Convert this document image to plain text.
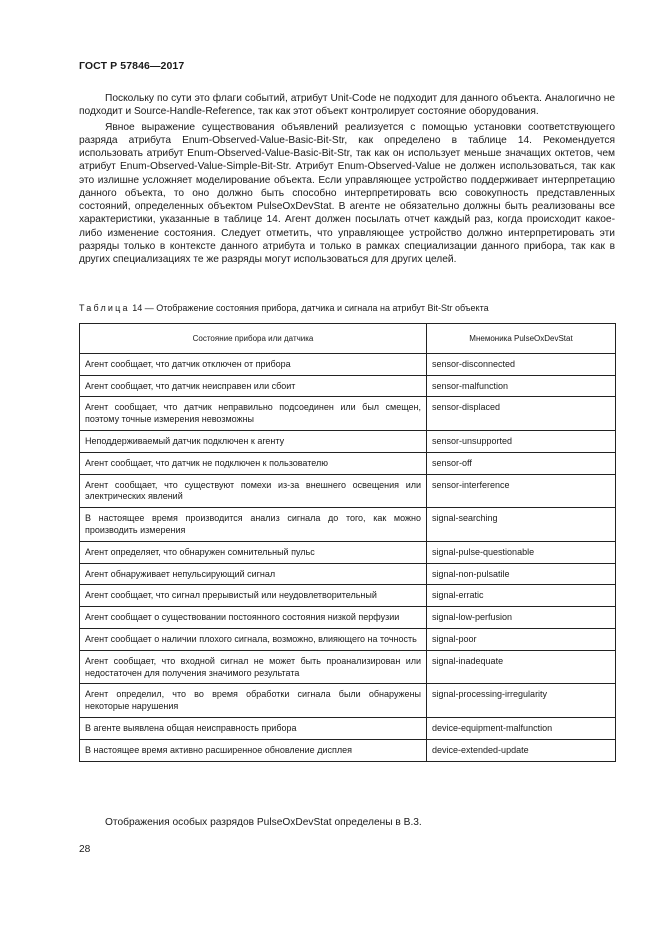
ГОСТ Р 57846—2017

Поскольку по сути это флаги событий, атрибут Unit-Code не подходит для данного объекта. Аналогично не подходит и Source-Handle-Reference, так как этот объект контролирует состояние оборудования.

Явное выражение существования объявлений реализуется с помощью установки соответствующего разряда атрибута Enum-Observed-Value-Basic-Bit-Str, как определено в таблице 14. Рекомендуется использовать атрибут Enum-Observed-Value-Basic-Bit-Str, так как он использует меньше значащих октетов, чем атрибут Enum-Observed-Value-Simple-Bit-Str. Атрибут Enum-Observed-Value не должен использоваться, так как это излишне усложняет моделирование объекта. Если управляющее устройство поддерживает интерпретацию данного объекта, то оно должно быть способно интерпретировать всю совокупность представленных состояний, определенных объектом PulseOxDevStat. В агенте не обязательно должны быть реализованы все характеристики, указанные в таблице 14. Агент должен посылать отчет каждый раз, когда происходит какое-либо изменение состояния. Следует отметить, что управляющее устройство должно интерпретировать эти разряды только в контексте данного атрибута и только в рамках специализации данного прибора, так как в других специализациях те же разряды могут использоваться для других целей.

Таблица 14 — Отображение состояния прибора, датчика и сигнала на атрибут Bit-Str объекта
Состояние прибора или датчика	Мнемоника PulseOxDevStat
Агент сообщает, что датчик отключен от прибора	sensor-disconnected
Агент сообщает, что датчик неисправен или сбоит	sensor-malfunction
Агент сообщает, что датчик неправильно подсоединен или был смещен, поэтому точные измерения невозможны	sensor-displaced
Неподдерживаемый датчик подключен к агенту	sensor-unsupported
Агент сообщает, что датчик не подключен к пользователю	sensor-off
Агент сообщает, что существуют помехи из-за внешнего освещения или электрических явлений	sensor-interference
В настоящее время производится анализ сигнала до того, как можно производить измерения	signal-searching
Агент определяет, что обнаружен сомнительный пульс	signal-pulse-questionable
Агент обнаруживает непульсирующий сигнал	signal-non-pulsatile
Агент сообщает, что сигнал прерывистый или неудовлетворительный	signal-erratic
Агент сообщает о существовании постоянного состояния низкой перфузии	signal-low-perfusion
Агент сообщает о наличии плохого сигнала, возможно, влияющего на точность	signal-poor
Агент сообщает, что входной сигнал не может быть проанализирован или недостаточен для получения значимого результата	signal-inadequate
Агент определил, что во время обработки сигнала были обнаружены некоторые нарушения	signal-processing-irregularity
В агенте выявлена общая неисправность прибора	device-equipment-malfunction
В настоящее время активно расширенное обновление дисплея	device-extended-update
Отображения особых разрядов PulseOxDevStat определены в В.3.
28
